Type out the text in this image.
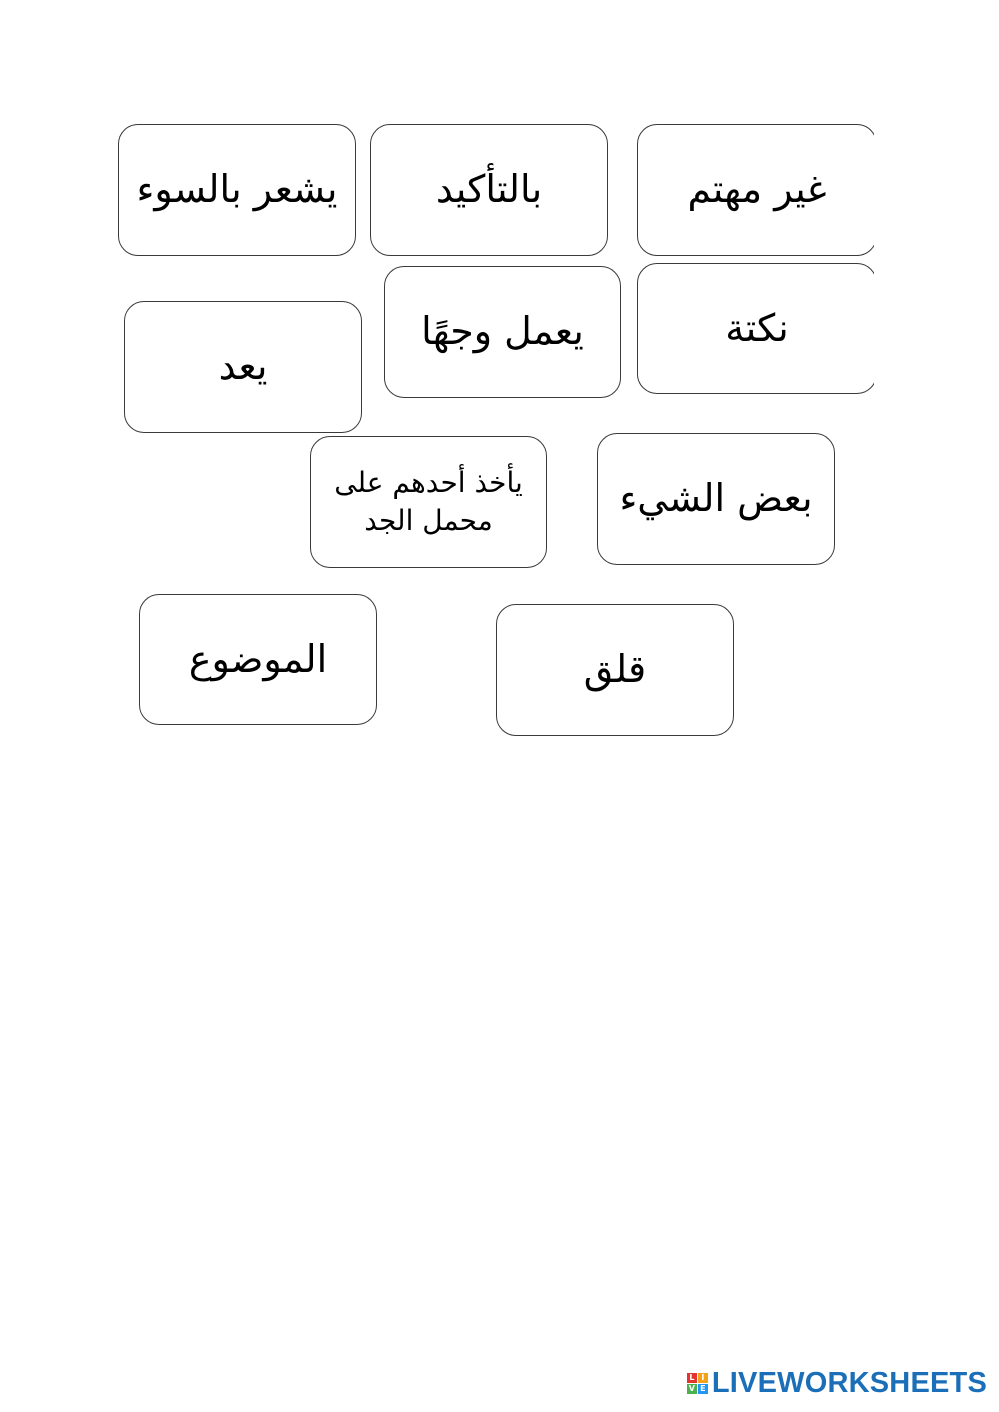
يشعر بالسوء	بالتأكيد	غير مهتم
يعد
يعمل وجهًا	نكتة
يأخذ أحدهم على
محمل الجد
بعض الشيء
الموضوع	قلق
L I
V E LIVEWORKSHEETS
